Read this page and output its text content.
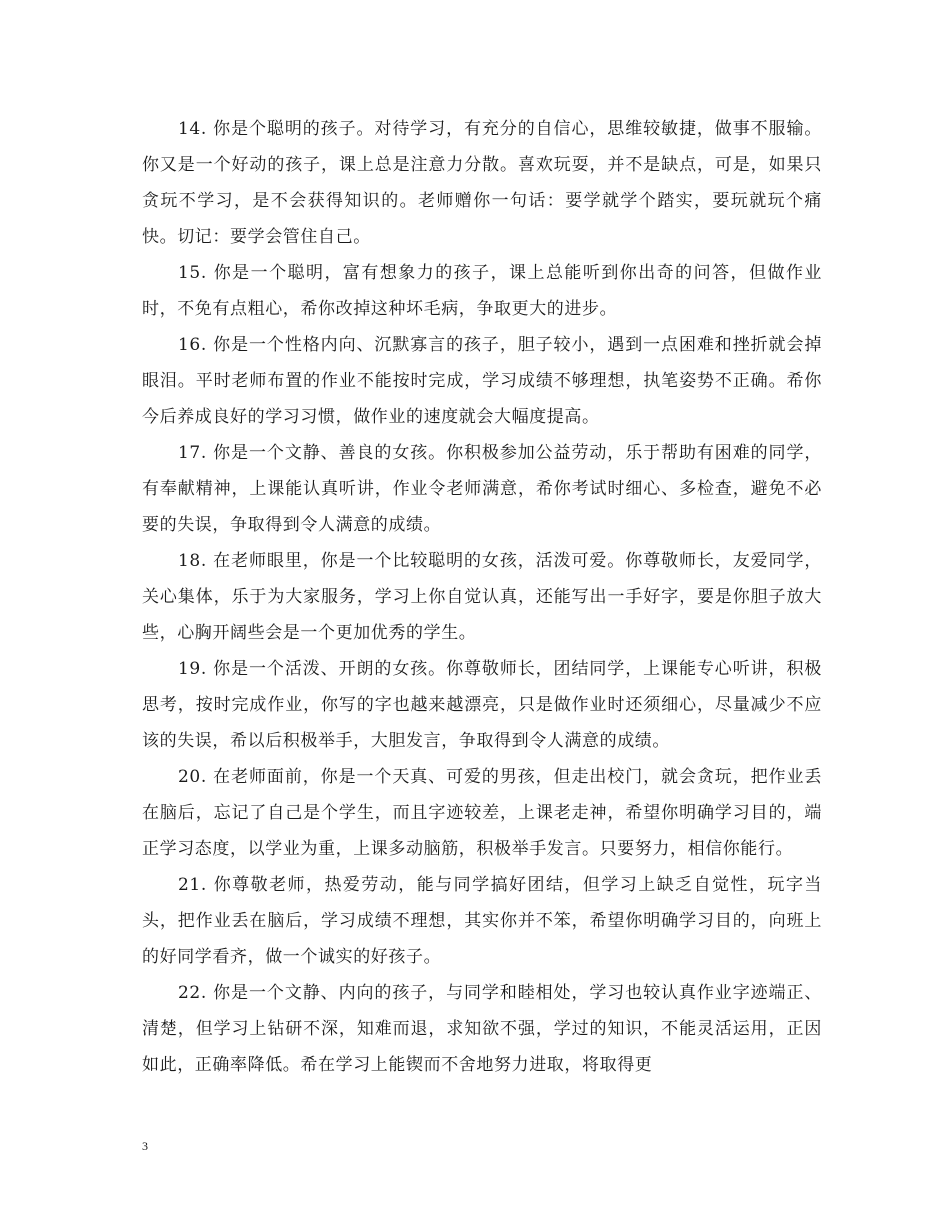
14. 你是个聪明的孩子。对待学习，有充分的自信心，思维较敏捷，做事不服输。你又是一个好动的孩子，课上总是注意力分散。喜欢玩耍，并不是缺点，可是，如果只贪玩不学习，是不会获得知识的。老师赠你一句话：要学就学个踏实，要玩就玩个痛快。切记：要学会管住自己。

15. 你是一个聪明，富有想象力的孩子，课上总能听到你出奇的问答，但做作业时，不免有点粗心，希你改掉这种坏毛病，争取更大的进步。

16. 你是一个性格内向、沉默寡言的孩子，胆子较小，遇到一点困难和挫折就会掉眼泪。平时老师布置的作业不能按时完成，学习成绩不够理想，执笔姿势不正确。希你今后养成良好的学习习惯，做作业的速度就会大幅度提高。

17. 你是一个文静、善良的女孩。你积极参加公益劳动，乐于帮助有困难的同学，有奉献精神，上课能认真听讲，作业令老师满意，希你考试时细心、多检查，避免不必要的失误，争取得到令人满意的成绩。

18. 在老师眼里，你是一个比较聪明的女孩，活泼可爱。你尊敬师长，友爱同学，关心集体，乐于为大家服务，学习上你自觉认真，还能写出一手好字，要是你胆子放大些，心胸开阔些会是一个更加优秀的学生。

19. 你是一个活泼、开朗的女孩。你尊敬师长，团结同学，上课能专心听讲，积极思考，按时完成作业，你写的字也越来越漂亮，只是做作业时还须细心，尽量减少不应该的失误，希以后积极举手，大胆发言，争取得到令人满意的成绩。

20. 在老师面前，你是一个天真、可爱的男孩，但走出校门，就会贪玩，把作业丢在脑后，忘记了自己是个学生，而且字迹较差，上课老走神，希望你明确学习目的，端正学习态度，以学业为重，上课多动脑筋，积极举手发言。只要努力，相信你能行。

21. 你尊敬老师，热爱劳动，能与同学搞好团结，但学习上缺乏自觉性，玩字当头，把作业丢在脑后，学习成绩不理想，其实你并不笨，希望你明确学习目的，向班上的好同学看齐，做一个诚实的好孩子。

22. 你是一个文静、内向的孩子，与同学和睦相处，学习也较认真作业字迹端正、清楚，但学习上钻研不深，知难而退，求知欲不强，学过的知识，不能灵活运用，正因如此，正确率降低。希在学习上能锲而不舍地努力进取，将取得更

3
